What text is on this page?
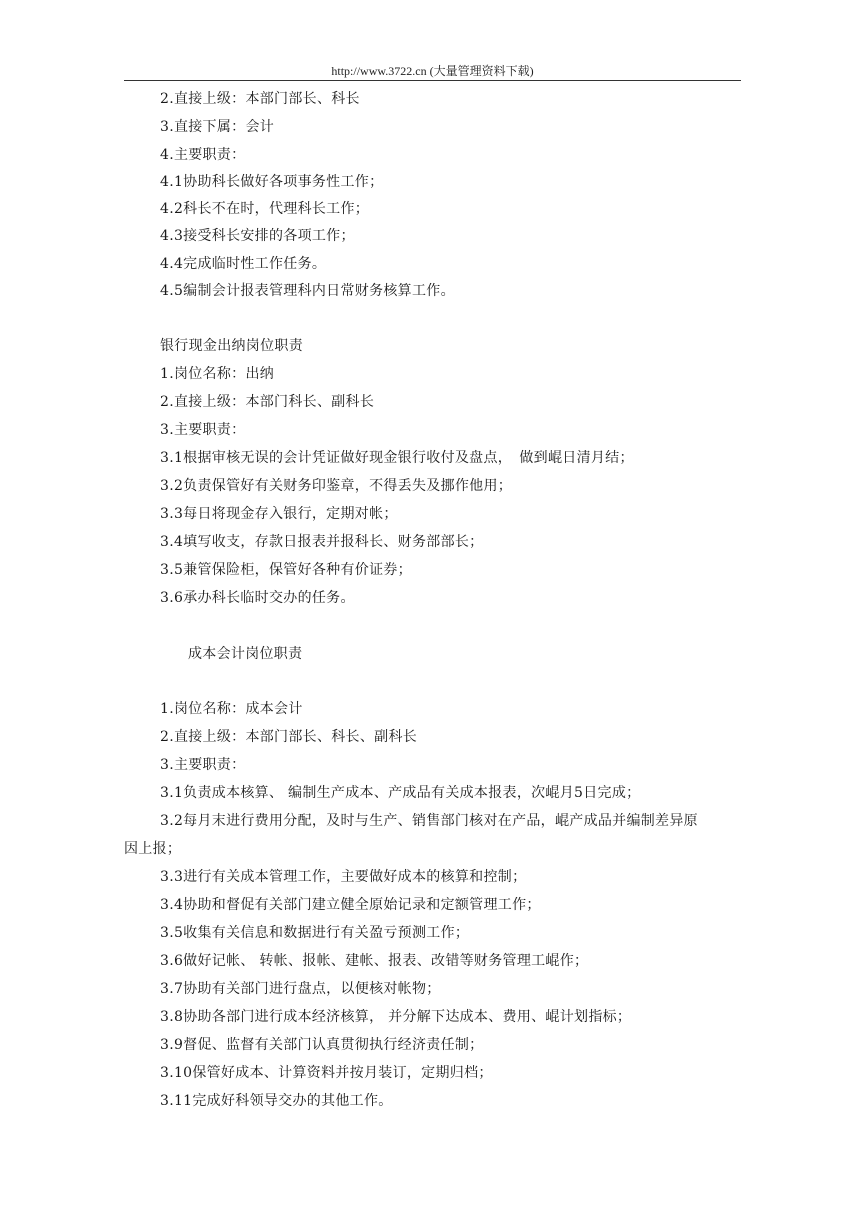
http://www.3722.cn (大量管理资料下载)
2.直接上级：本部门部长、科长
3.直接下属：会计
4.主要职责：
4.1协助科长做好各项事务性工作；
4.2科长不在时，代理科长工作；
4.3接受科长安排的各项工作；
4.4完成临时性工作任务。
4.5编制会计报表管理科内日常财务核算工作。
银行现金出纳岗位职责
1.岗位名称：出纳
2.直接上级：本部门科长、副科长
3.主要职责：
3.1根据审核无误的会计凭证做好现金银行收付及盘点，　做到崐日清月结；
3.2负责保管好有关财务印鉴章，不得丢失及挪作他用；
3.3每日将现金存入银行，定期对帐；
3.4填写收支，存款日报表并报科长、财务部部长；
3.5兼管保险柜，保管好各种有价证券；
3.6承办科长临时交办的任务。
成本会计岗位职责
1.岗位名称：成本会计
2.直接上级：本部门部长、科长、副科长
3.主要职责：
3.1负责成本核算、 编制生产成本、产成品有关成本报表，次崐月5日完成；
3.2每月末进行费用分配，及时与生产、销售部门核对在产品，崐产成品并编制差异原
因上报；
3.3进行有关成本管理工作，主要做好成本的核算和控制；
3.4协助和督促有关部门建立健全原始记录和定额管理工作；
3.5收集有关信息和数据进行有关盈亏预测工作；
3.6做好记帐、 转帐、报帐、建帐、报表、改错等财务管理工崐作；
3.7协助有关部门进行盘点，以便核对帐物；
3.8协助各部门进行成本经济核算， 并分解下达成本、费用、崐计划指标；
3.9督促、监督有关部门认真贯彻执行经济责任制；
3.10保管好成本、计算资料并按月装订，定期归档；
3.11完成好科领导交办的其他工作。
